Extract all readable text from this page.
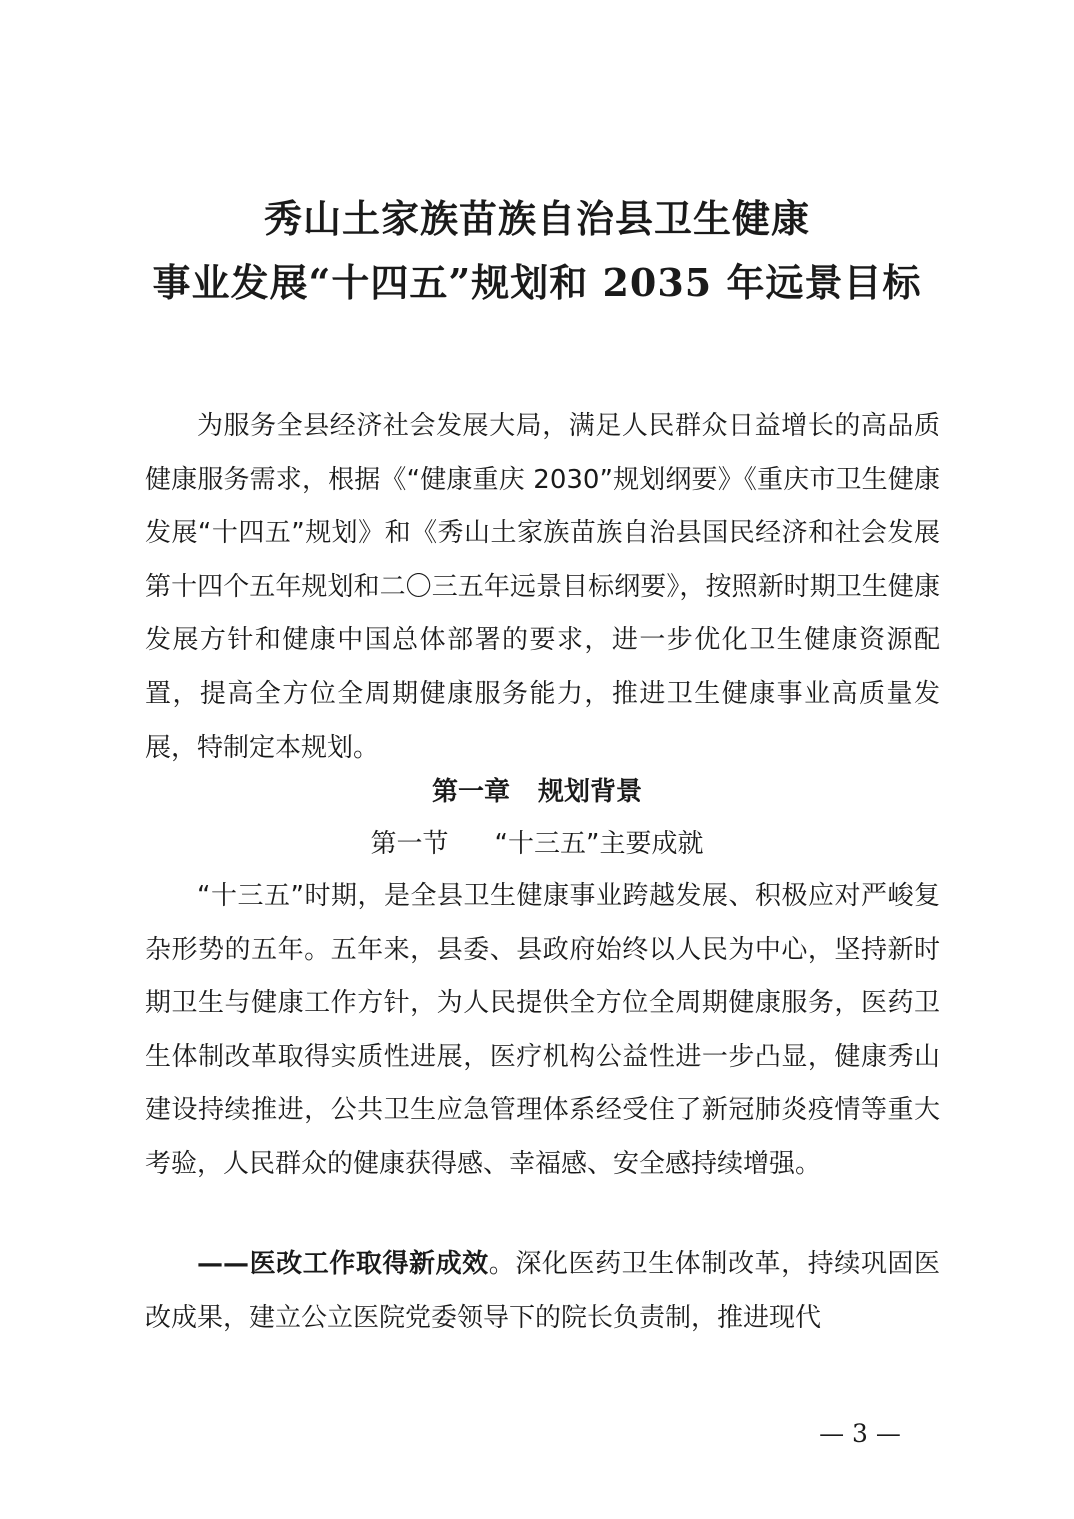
秀山土家族苗族自治县卫生健康
事业发展“十四五”规划和 2035 年远景目标

为服务全县经济社会发展大局，满足人民群众日益增长的高品质健康服务需求，根据《“健康重庆 2030”规划纲要》《重庆市卫生健康发展“十四五”规划》和《秀山土家族苗族自治县国民经济和社会发展第十四个五年规划和二〇三五年远景目标纲要》，按照新时期卫生健康发展方针和健康中国总体部署的要求，进一步优化卫生健康资源配置，提高全方位全周期健康服务能力，推进卫生健康事业高质量发展，特制定本规划。

第一章 规划背景
第一节 “十三五”主要成就

“十三五”时期，是全县卫生健康事业跨越发展、积极应对严峻复杂形势的五年。五年来，县委、县政府始终以人民为中心，坚持新时期卫生与健康工作方针，为人民提供全方位全周期健康服务，医药卫生体制改革取得实质性进展，医疗机构公益性进一步凸显，健康秀山建设持续推进，公共卫生应急管理体系经受住了新冠肺炎疫情等重大考验，人民群众的健康获得感、幸福感、安全感持续增强。

——医改工作取得新成效。深化医药卫生体制改革，持续巩固医改成果，建立公立医院党委领导下的院长负责制，推进现代

— 3 —
